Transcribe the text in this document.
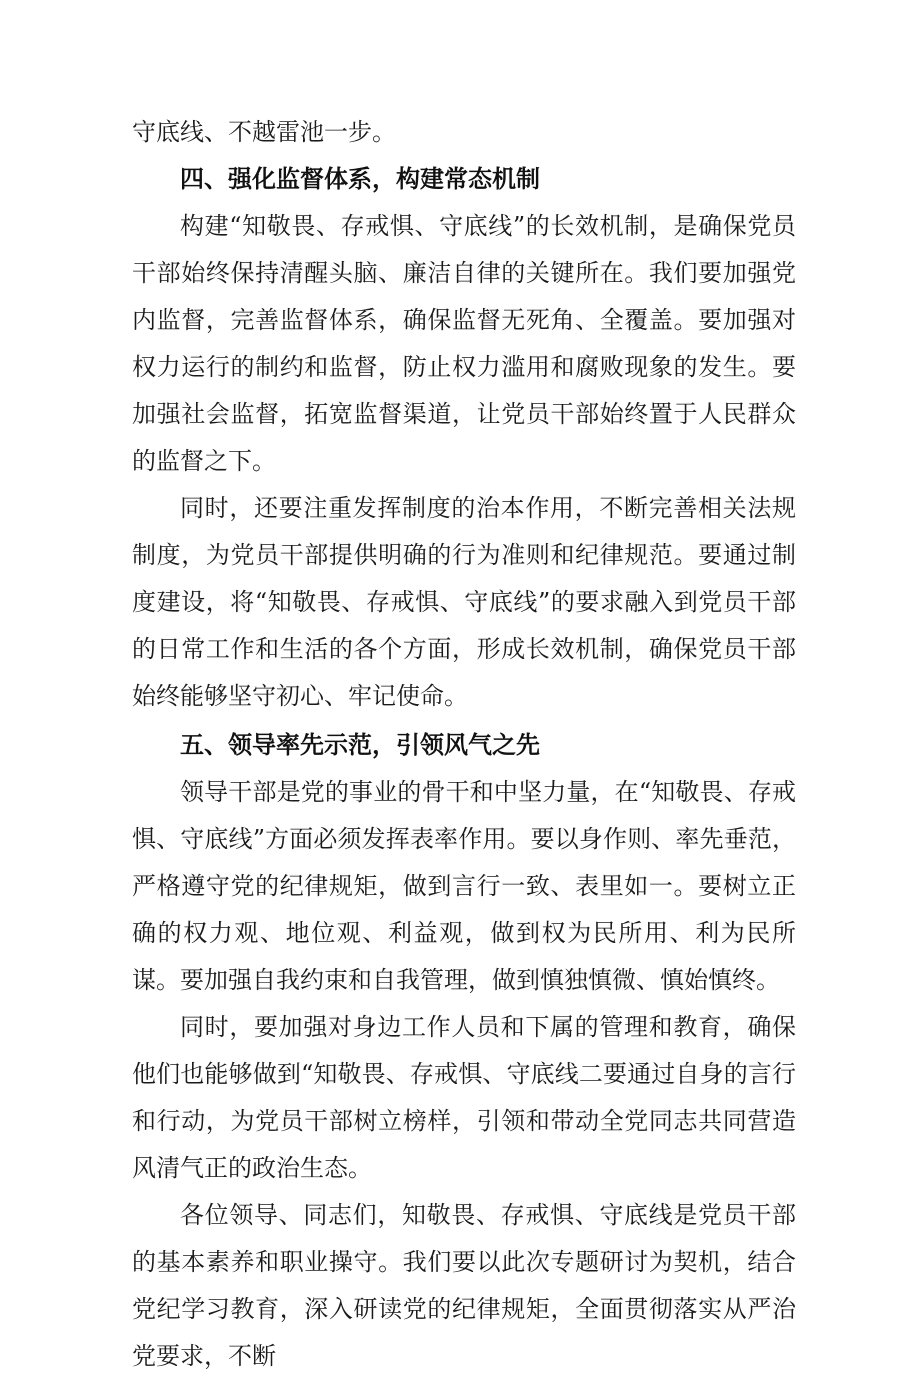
守底线、不越雷池一步。

四、强化监督体系，构建常态机制

构建“知敬畏、存戒惧、守底线”的长效机制，是确保党员干部始终保持清醒头脑、廉洁自律的关键所在。我们要加强党内监督，完善监督体系，确保监督无死角、全覆盖。要加强对权力运行的制约和监督，防止权力滥用和腐败现象的发生。要加强社会监督，拓宽监督渠道，让党员干部始终置于人民群众的监督之下。

同时，还要注重发挥制度的治本作用，不断完善相关法规制度，为党员干部提供明确的行为准则和纪律规范。要通过制度建设，将“知敬畏、存戒惧、守底线”的要求融入到党员干部的日常工作和生活的各个方面，形成长效机制，确保党员干部始终能够坚守初心、牢记使命。

五、领导率先示范，引领风气之先

领导干部是党的事业的骨干和中坚力量，在“知敬畏、存戒惧、守底线”方面必须发挥表率作用。要以身作则、率先垂范，严格遵守党的纪律规矩，做到言行一致、表里如一。要树立正确的权力观、地位观、利益观，做到权为民所用、利为民所谋。要加强自我约束和自我管理，做到慎独慎微、慎始慎终。

同时，要加强对身边工作人员和下属的管理和教育，确保他们也能够做到“知敬畏、存戒惧、守底线二要通过自身的言行和行动，为党员干部树立榜样，引领和带动全党同志共同营造风清气正的政治生态。

各位领导、同志们，知敬畏、存戒惧、守底线是党员干部的基本素养和职业操守。我们要以此次专题研讨为契机，结合党纪学习教育，深入研读党的纪律规矩，全面贯彻落实从严治党要求，不断
